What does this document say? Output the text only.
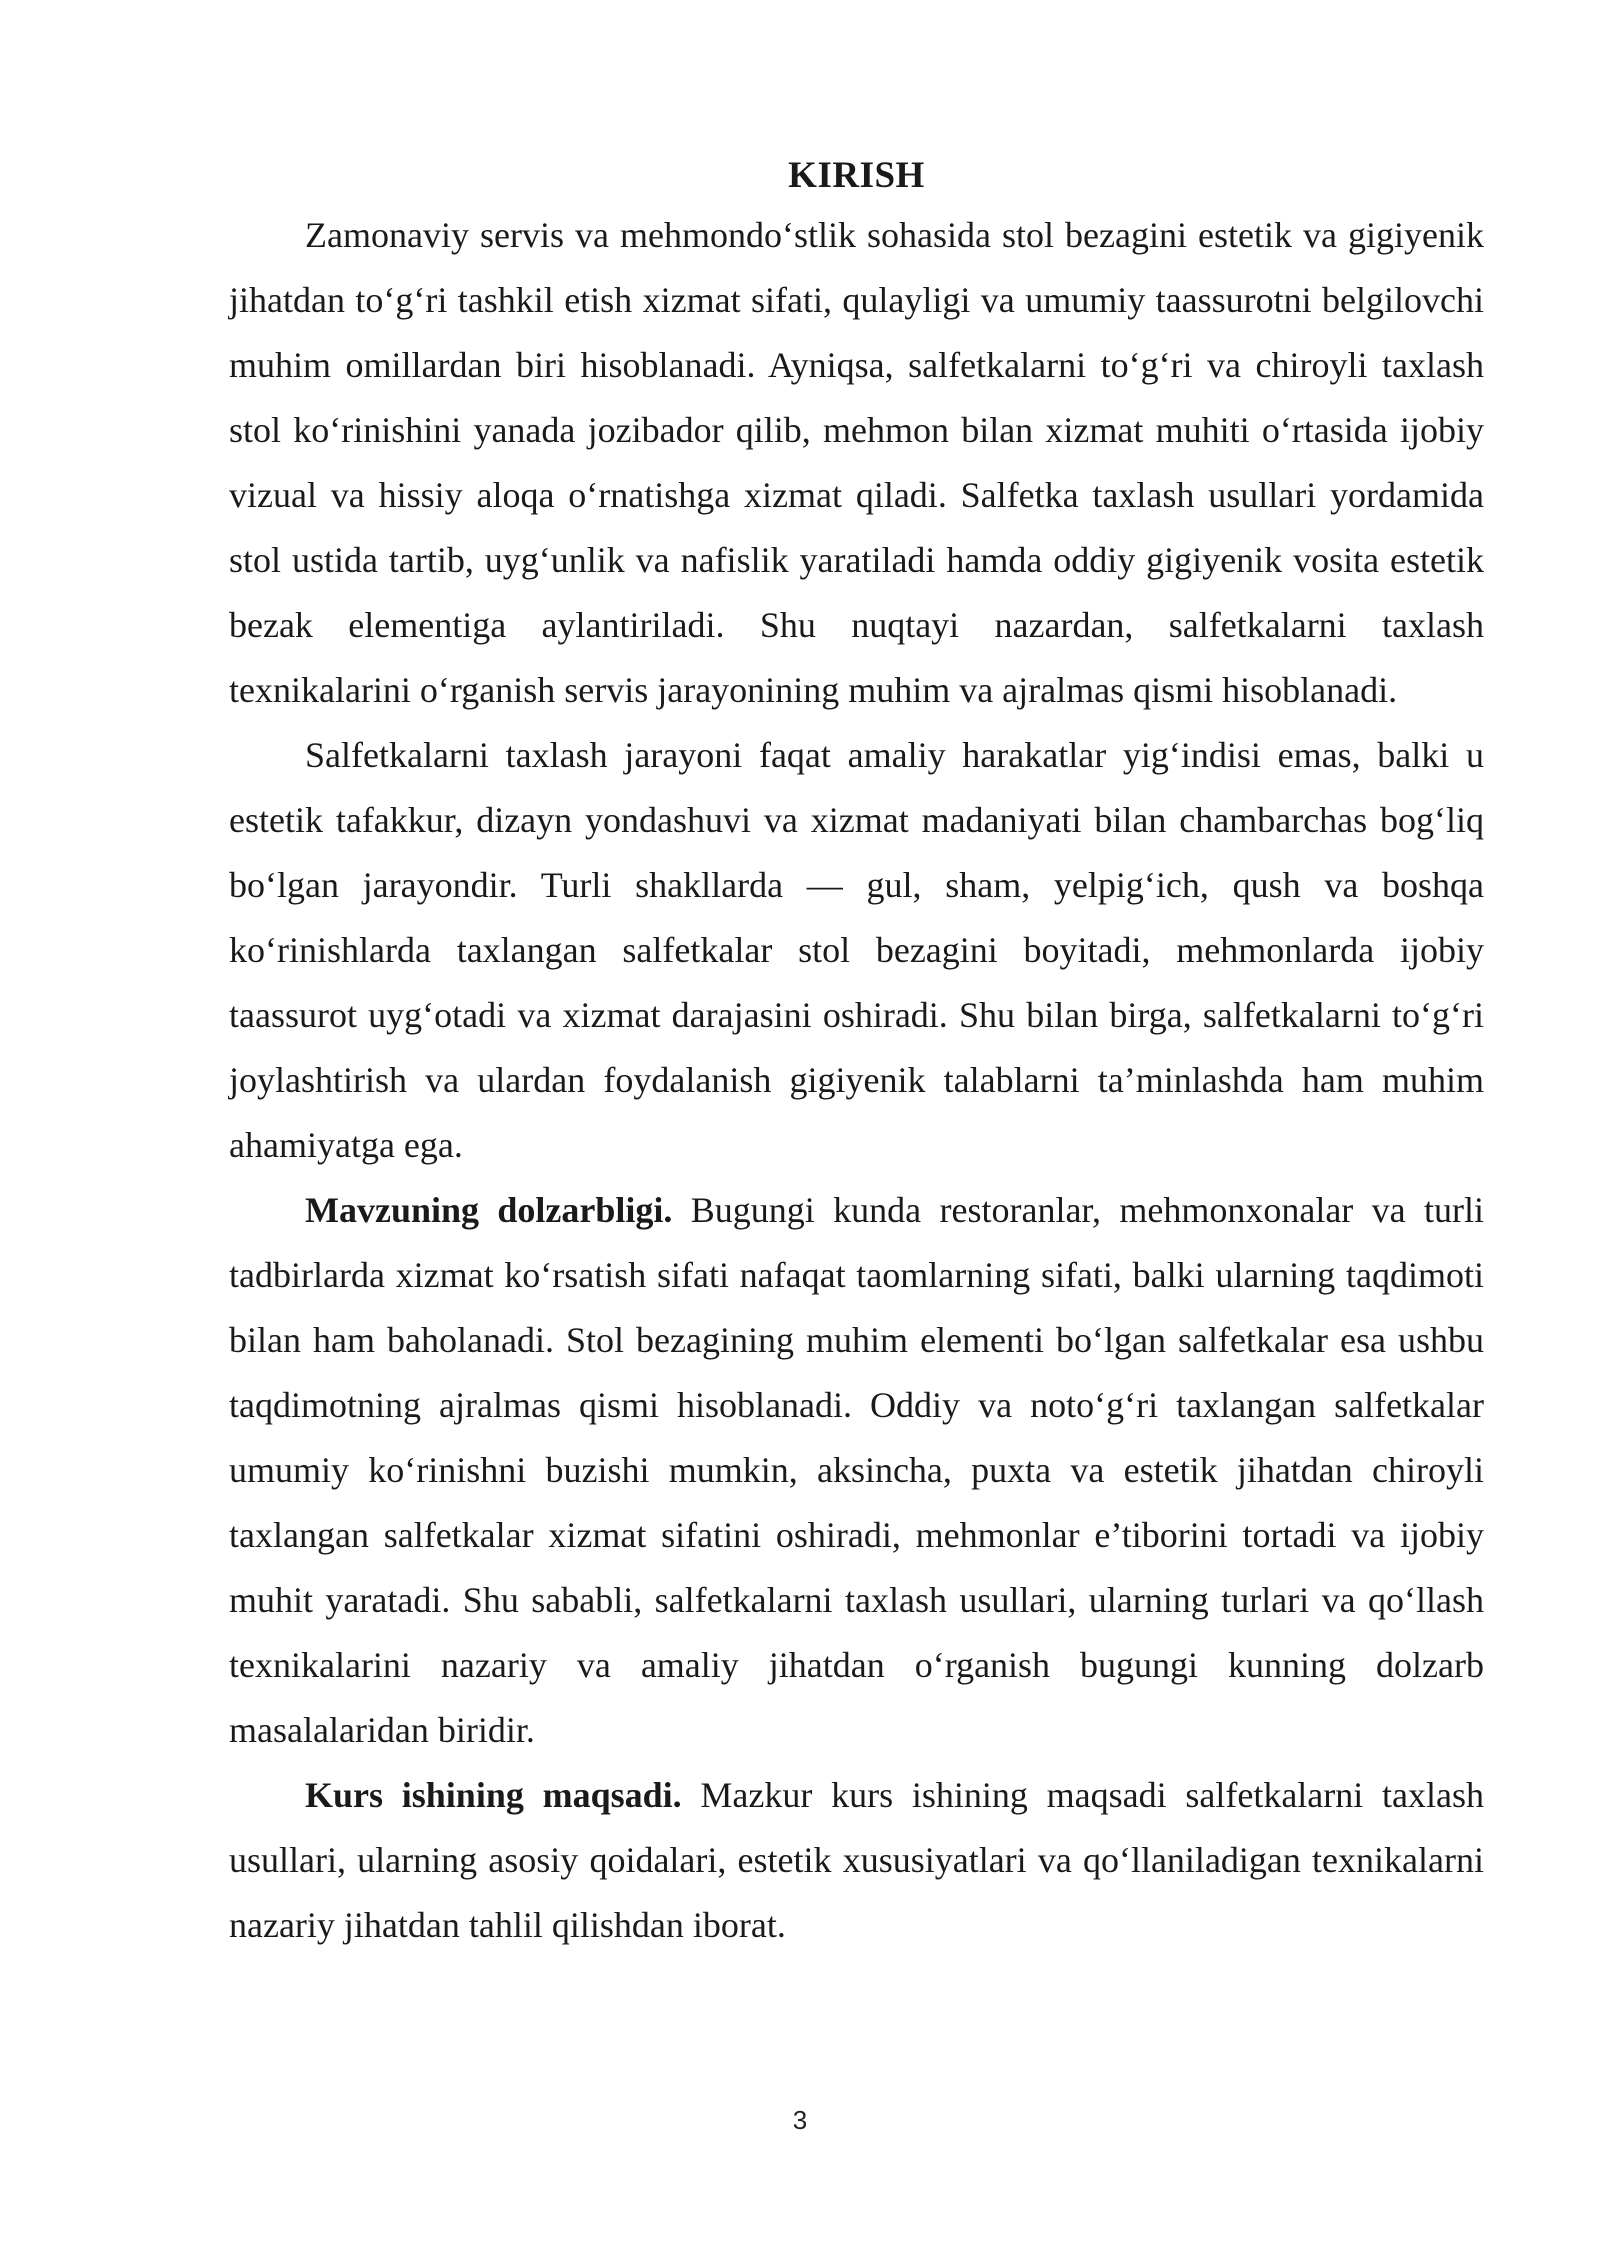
KIRISH

Zamonaviy servis va mehmondo‘stlik sohasida stol bezagini estetik va gigiyenik jihatdan to‘g‘ri tashkil etish xizmat sifati, qulayligi va umumiy taassurotni belgilovchi muhim omillardan biri hisoblanadi. Ayniqsa, salfetkalarni to‘g‘ri va chiroyli taxlash stol ko‘rinishini yanada jozibador qilib, mehmon bilan xizmat muhiti o‘rtasida ijobiy vizual va hissiy aloqa o‘rnatishga xizmat qiladi. Salfetka taxlash usullari yordamida stol ustida tartib, uyg‘unlik va nafislik yaratiladi hamda oddiy gigiyenik vosita estetik bezak elementiga aylantiriladi. Shu nuqtayi nazardan, salfetkalarni taxlash texnikalarini o‘rganish servis jarayonining muhim va ajralmas qismi hisoblanadi.

Salfetkalarni taxlash jarayoni faqat amaliy harakatlar yig‘indisi emas, balki u estetik tafakkur, dizayn yondashuvi va xizmat madaniyati bilan chambarchas bog‘liq bo‘lgan jarayondir. Turli shakllarda — gul, sham, yelpig‘ich, qush va boshqa ko‘rinishlarda taxlangan salfetkalar stol bezagini boyitadi, mehmonlarda ijobiy taassurot uyg‘otadi va xizmat darajasini oshiradi. Shu bilan birga, salfetkalarni to‘g‘ri joylashtirish va ulardan foydalanish gigiyenik talablarni ta’minlashda ham muhim ahamiyatga ega.

Mavzuning dolzarbligi. Bugungi kunda restoranlar, mehmonxonalar va turli tadbirlarda xizmat ko‘rsatish sifati nafaqat taomlarning sifati, balki ularning taqdimoti bilan ham baholanadi. Stol bezagining muhim elementi bo‘lgan salfetkalar esa ushbu taqdimotning ajralmas qismi hisoblanadi. Oddiy va noto‘g‘ri taxlangan salfetkalar umumiy ko‘rinishni buzishi mumkin, aksincha, puxta va estetik jihatdan chiroyli taxlangan salfetkalar xizmat sifatini oshiradi, mehmonlar e’tiborini tortadi va ijobiy muhit yaratadi. Shu sababli, salfetkalarni taxlash usullari, ularning turlari va qo‘llash texnikalarini nazariy va amaliy jihatdan o‘rganish bugungi kunning dolzarb masalalaridan biridir.

Kurs ishining maqsadi. Mazkur kurs ishining maqsadi salfetkalarni taxlash usullari, ularning asosiy qoidalari, estetik xususiyatlari va qo‘llaniladigan texnikalarni nazariy jihatdan tahlil qilishdan iborat.

3
